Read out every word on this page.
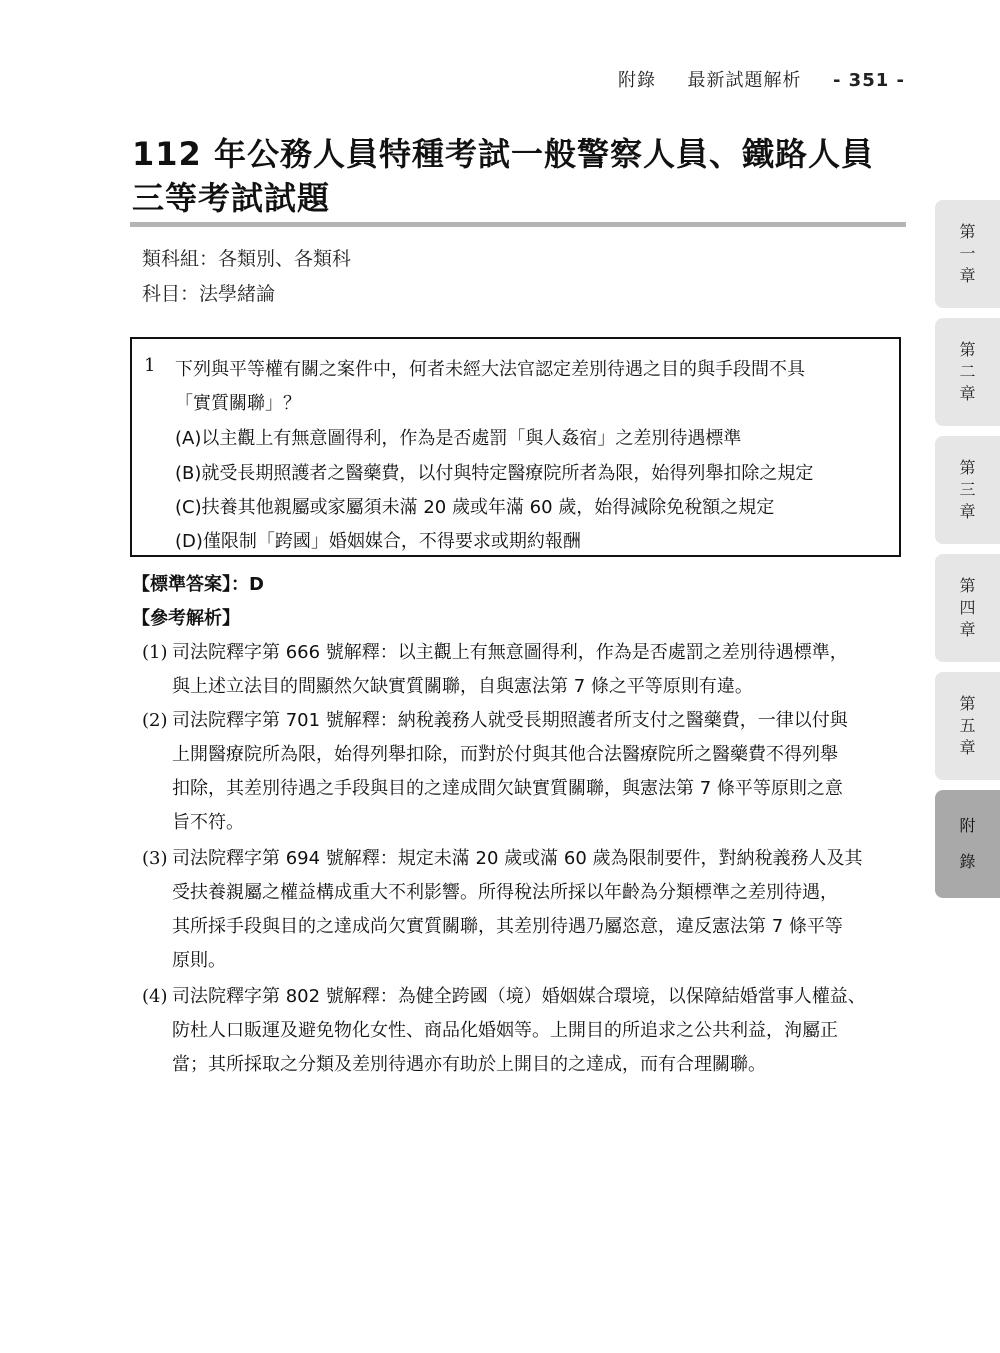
附錄 最新試題解析 - 351 -
112 年公務人員特種考試一般警察人員、鐵路人員三等考試試題
類科組：各類別、各類科
科目：法學緒論
1 下列與平等權有關之案件中，何者未經大法官認定差別待遇之目的與手段間不具
「實質關聯」？
(A)以主觀上有無意圖得利，作為是否處罰「與人姦宿」之差別待遇標準
(B)就受長期照護者之醫藥費，以付與特定醫療院所者為限，始得列舉扣除之規定
(C)扶養其他親屬或家屬須未滿 20 歲或年滿 60 歲，始得減除免稅額之規定
(D)僅限制「跨國」婚姻媒合，不得要求或期約報酬
【標準答案】：D
【參考解析】
(1) 司法院釋字第 666 號解釋：以主觀上有無意圖得利，作為是否處罰之差別待遇標準，
與上述立法目的間顯然欠缺實質關聯，自與憲法第 7 條之平等原則有違。
(2) 司法院釋字第 701 號解釋：納稅義務人就受長期照護者所支付之醫藥費，一律以付與
上開醫療院所為限，始得列舉扣除，而對於付與其他合法醫療院所之醫藥費不得列舉
扣除，其差別待遇之手段與目的之達成間欠缺實質關聯，與憲法第 7 條平等原則之意
旨不符。
(3) 司法院釋字第 694 號解釋：規定未滿 20 歲或滿 60 歲為限制要件，對納稅義務人及其
受扶養親屬之權益構成重大不利影響。所得稅法所採以年齡為分類標準之差別待遇，
其所採手段與目的之達成尚欠實質關聯，其差別待遇乃屬恣意，違反憲法第 7 條平等
原則。
(4) 司法院釋字第 802 號解釋：為健全跨國（境）婚姻媒合環境，以保障結婚當事人權益、
防杜人口販運及避免物化女性、商品化婚姻等。上開目的所追求之公共利益，洵屬正
當；其所採取之分類及差別待遇亦有助於上開目的之達成，而有合理關聯。
第
一
章
第
二
章
第
三
章
第
四
章
第
五
章
附
錄
